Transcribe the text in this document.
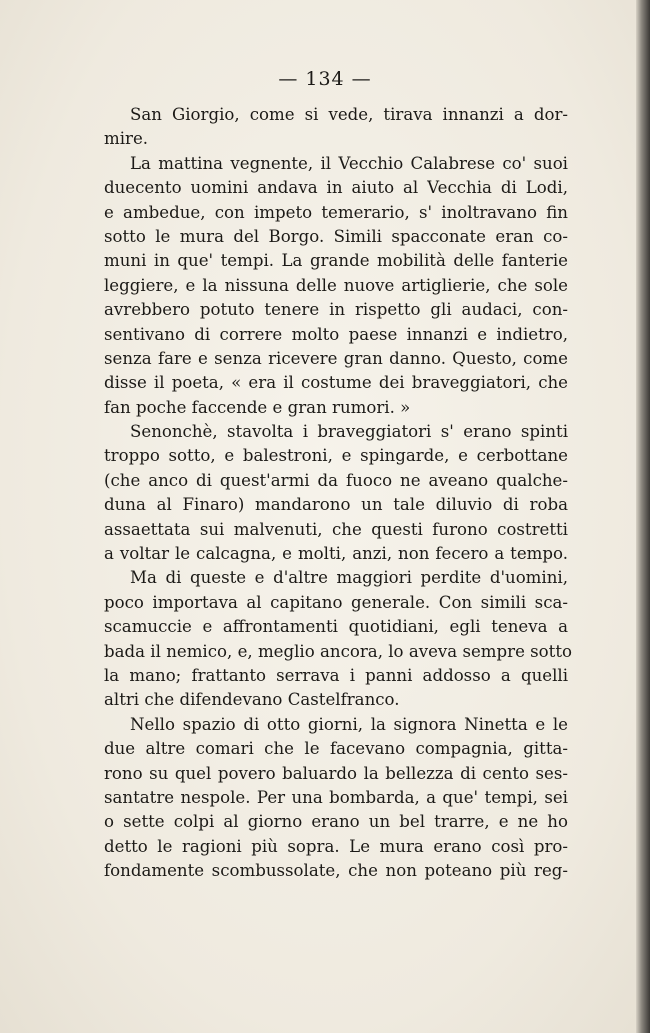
— 134 —
San Giorgio, come si vede, tirava innanzi a dor-
mire.
La mattina vegnente, il Vecchio Calabrese co' suoi
duecento uomini andava in aiuto al Vecchia di Lodi,
e ambedue, con impeto temerario, s' inoltravano fin
sotto le mura del Borgo. Simili spacconate eran co-
muni in que' tempi. La grande mobilità delle fanterie
leggiere, e la nissuna delle nuove artiglierie, che sole
avrebbero potuto tenere in rispetto gli audaci, con-
sentivano di correre molto paese innanzi e indietro,
senza fare e senza ricevere gran danno. Questo, come
disse il poeta, « era il costume dei braveggiatori, che
fan poche faccende e gran rumori. »
Senonchè, stavolta i braveggiatori s' erano spinti
troppo sotto, e balestroni, e spingarde, e cerbottane
(che anco di quest'armi da fuoco ne aveano qualche-
duna al Finaro) mandarono un tale diluvio di roba
assaettata sui malvenuti, che questi furono costretti
a voltar le calcagna, e molti, anzi, non fecero a tempo.
Ma di queste e d'altre maggiori perdite d'uomini,
poco importava al capitano generale. Con simili sca-
scamuccie e affrontamenti quotidiani, egli teneva a
bada il nemico, e, meglio ancora, lo aveva sempre sotto
la mano; frattanto serrava i panni addosso a quelli
altri che difendevano Castelfranco.
Nello spazio di otto giorni, la signora Ninetta e le
due altre comari che le facevano compagnia, gitta-
rono su quel povero baluardo la bellezza di cento ses-
santatre nespole. Per una bombarda, a que' tempi, sei
o sette colpi al giorno erano un bel trarre, e ne ho
detto le ragioni più sopra. Le mura erano così pro-
fondamente scombussolate, che non poteano più reg-
